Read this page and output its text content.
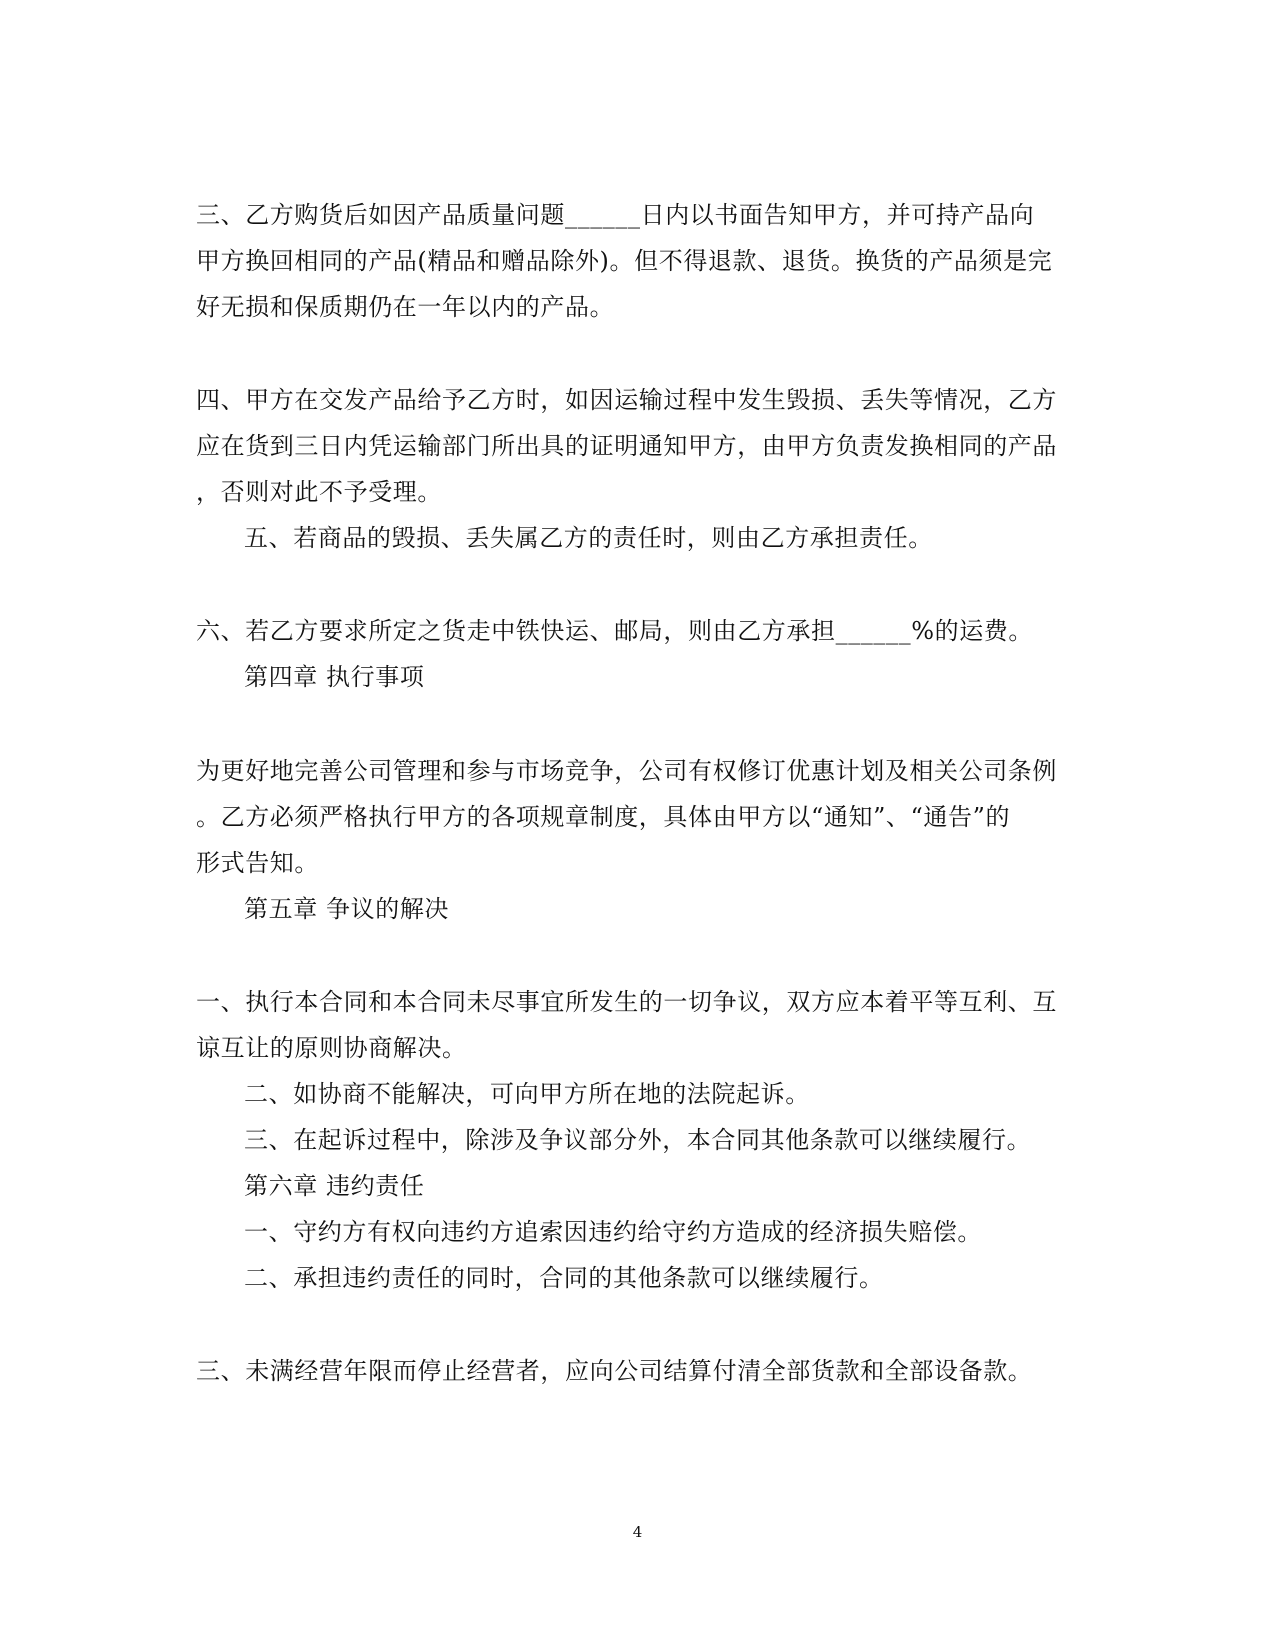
三、乙方购货后如因产品质量问题______日内以书面告知甲方，并可持产品向
甲方换回相同的产品(精品和赠品除外)。但不得退款、退货。换货的产品须是完
好无损和保质期仍在一年以内的产品。
四、甲方在交发产品给予乙方时，如因运输过程中发生毁损、丢失等情况，乙方
应在货到三日内凭运输部门所出具的证明通知甲方，由甲方负责发换相同的产品
，否则对此不予受理。
五、若商品的毁损、丢失属乙方的责任时，则由乙方承担责任。
六、若乙方要求所定之货走中铁快运、邮局，则由乙方承担______%的运费。
第四章 执行事项
为更好地完善公司管理和参与市场竞争，公司有权修订优惠计划及相关公司条例
。乙方必须严格执行甲方的各项规章制度，具体由甲方以“通知”、“通告”的
形式告知。
第五章 争议的解决
一、执行本合同和本合同未尽事宜所发生的一切争议，双方应本着平等互利、互
谅互让的原则协商解决。
二、如协商不能解决，可向甲方所在地的法院起诉。
三、在起诉过程中，除涉及争议部分外，本合同其他条款可以继续履行。
第六章 违约责任
一、守约方有权向违约方追索因违约给守约方造成的经济损失赔偿。
二、承担违约责任的同时，合同的其他条款可以继续履行。
三、未满经营年限而停止经营者，应向公司结算付清全部货款和全部设备款。
4
